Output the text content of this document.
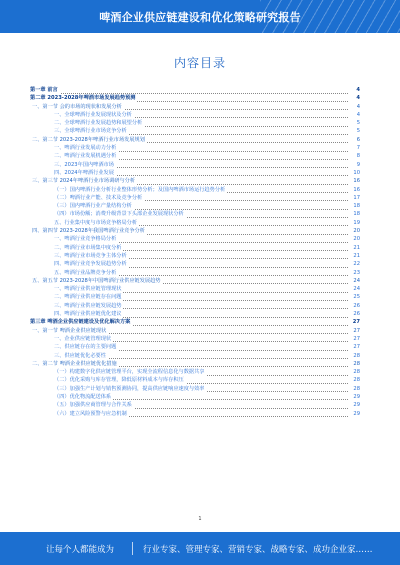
啤酒企业供应链建设和优化策略研究报告
内容目录
第一章 前言	4
第二章 2023-2028年啤酒市场发展趋势预测	4
一、第一节 会的市场的现状和发展分析	4
一、全球啤酒行业发展现状及分析	4
二、全球啤酒行业发展趋势和展望分析	5
三、全球啤酒行业市场竞争分析	5
二、第二节 2023-2028年啤酒行业市场发展规划	6
一、啤酒行业发展动力分析	7
二、啤酒行业发展机遇分析	8
三、2023年国内啤酒市场	9
四、2024年啤酒行业发展	10
三、第三节 2024年啤酒行业市场调研与分析	16
（一）国内啤酒行业分析行业整体形势分析；及国内啤酒市场运行趋势分析	16
（二）啤酒行业产能、技术及竞争分析	17
（三）国内啤酒行业产量结构分析	18
（四）市场份额；消费升级背景下头部企业发展现状分析	18
五、行业集中度与市场竞争格局分析	19
四、第四节 2023-2028年我国啤酒行业竞争分析	20
一、啤酒行业竞争格局分析	20
二、啤酒行业市场集中度分析	21
三、啤酒行业市场竞争主体分析	21
四、啤酒行业竞争发展趋势分析	22
五、啤酒行业品牌竞争分析	23
五、第五节 2023-2028年中国啤酒行业供应链发展趋势	24
一、啤酒行业供应链管理现状	24
二、啤酒行业供应链存在问题	25
三、啤酒行业供应链发展趋势	26
四、啤酒行业供应链优化建议	26
第三章 啤酒企业供应链建设及优化解决方案	27
一、第一节 啤酒企业供应链现状	27
一、企业供应链管理现状	27
二、供应链存在的主要问题	27
三、供应链优化必要性	28
二、第二节 啤酒企业供应链优化措施	28
（一）构建数字化供应链管理平台，实现全流程信息化与数据共享	28
（二）优化采购与库存管理，降低原材料成本与库存积压	28
（三）加强生产计划与销售预测协同，提高供应链响应速度与效率	28
（四）优化物流配送体系	29
（五）加强供应商管理与合作关系	29
（六）建立风险预警与应急机制	29
1
让每个人都能成为	行业专家、管理专家、营销专家、战略专家、成功企业家……
